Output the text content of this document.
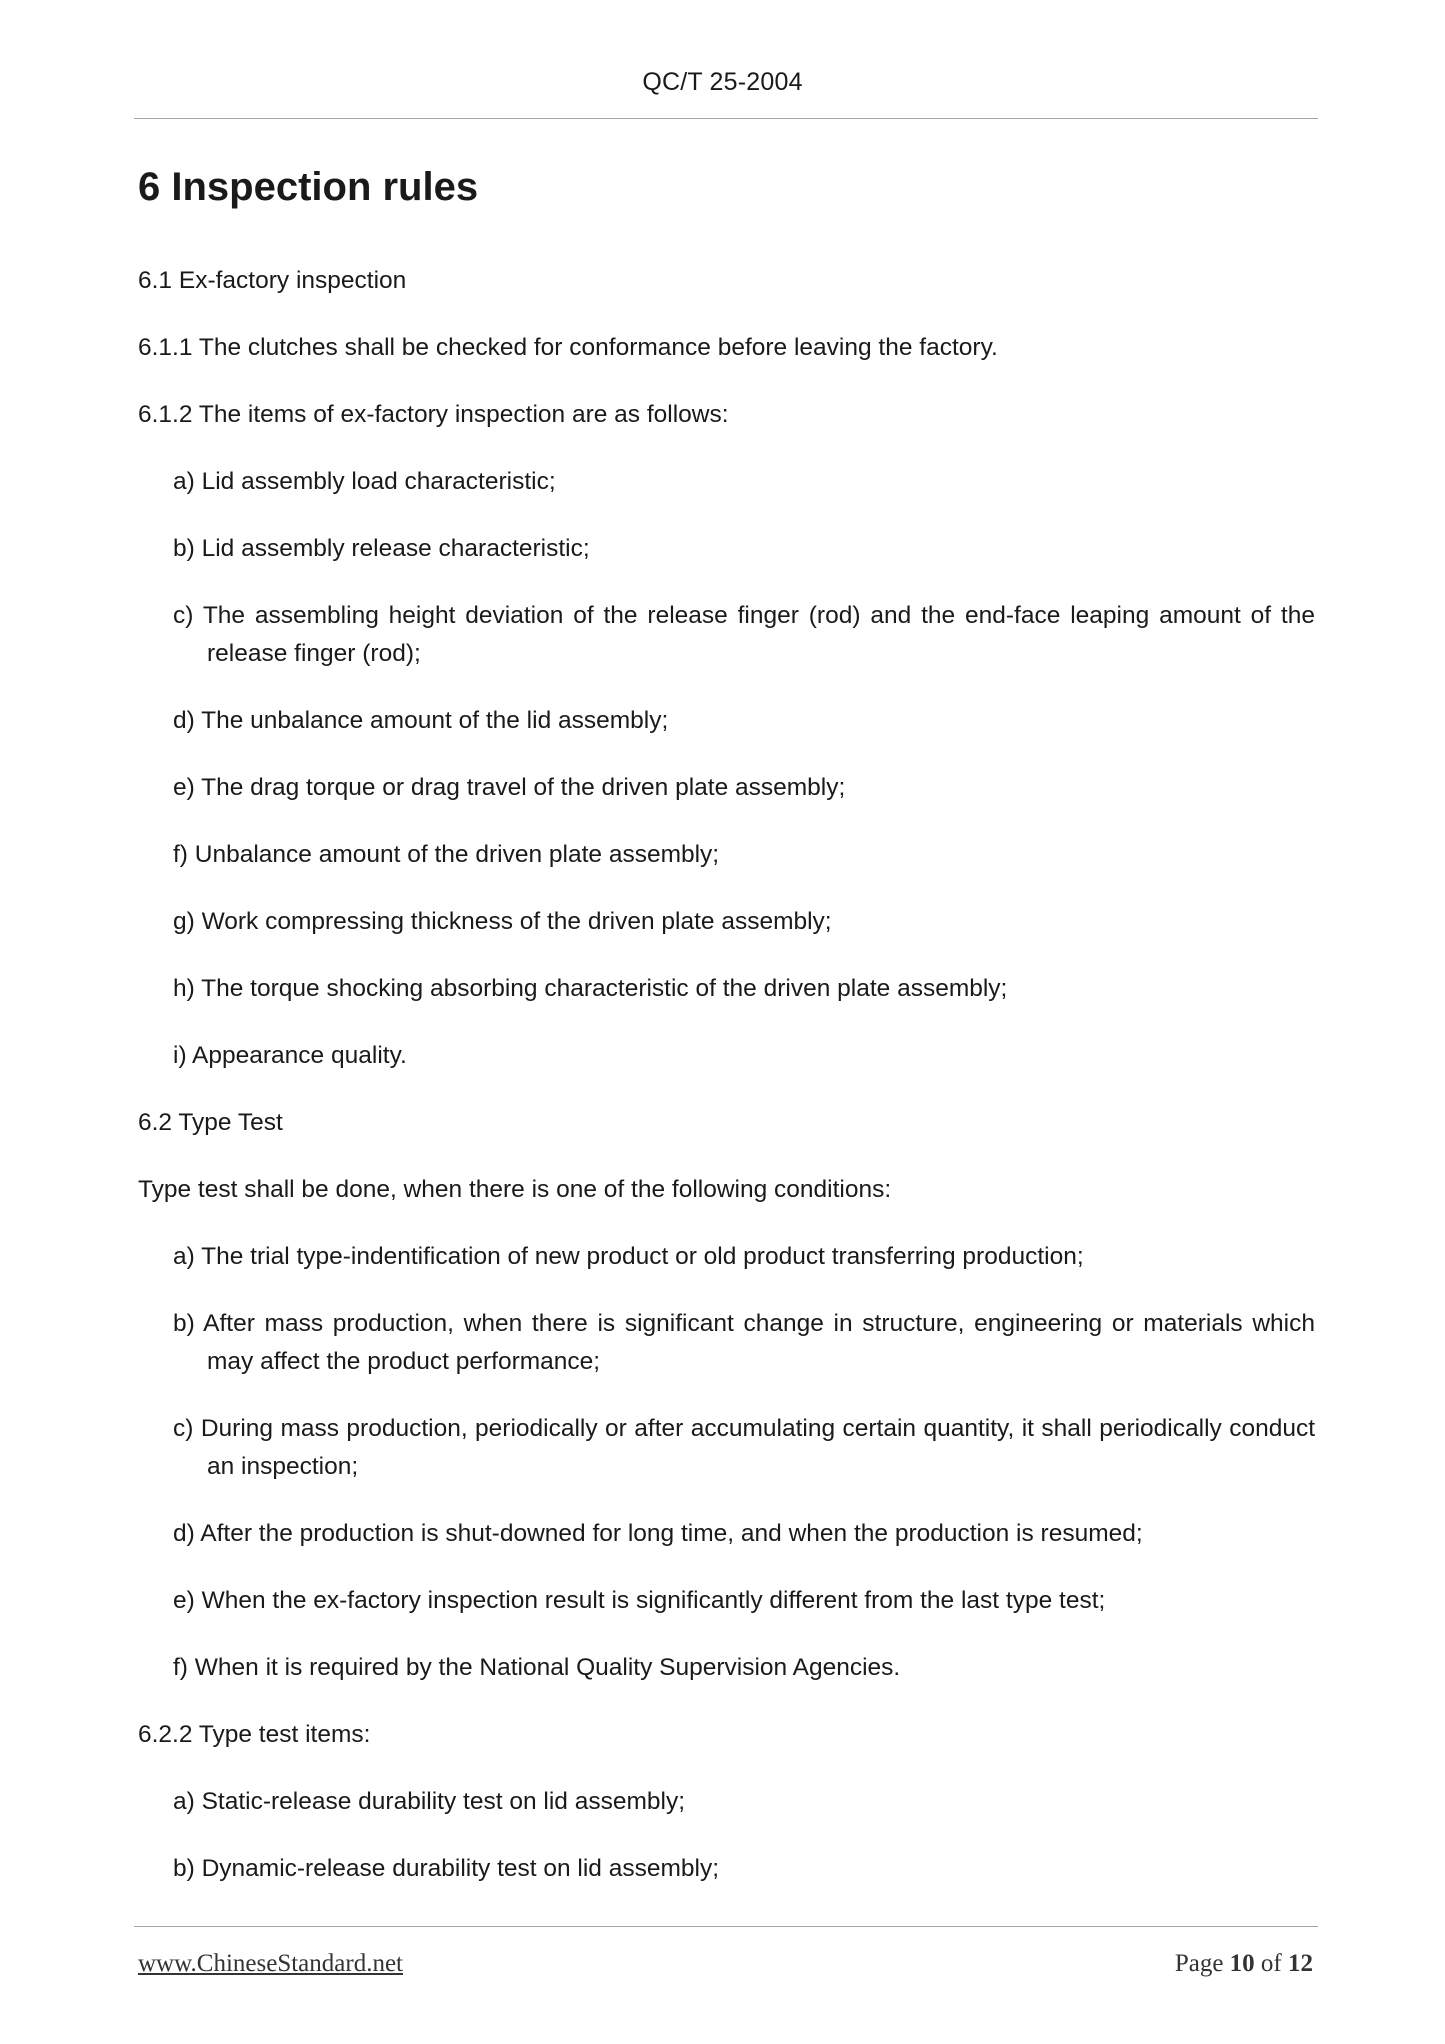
QC/T 25-2004
6 Inspection rules

6.1 Ex-factory inspection

6.1.1 The clutches shall be checked for conformance before leaving the factory.

6.1.2 The items of ex-factory inspection are as follows:

a) Lid assembly load characteristic;

b) Lid assembly release characteristic;

c) The assembling height deviation of the release finger (rod) and the end-face leaping amount of the release finger (rod);

d) The unbalance amount of the lid assembly;

e) The drag torque or drag travel of the driven plate assembly;

f) Unbalance amount of the driven plate assembly;

g) Work compressing thickness of the driven plate assembly;

h) The torque shocking absorbing characteristic of the driven plate assembly;

i) Appearance quality.

6.2 Type Test

Type test shall be done, when there is one of the following conditions:

a) The trial type-indentification of new product or old product transferring production;

b) After mass production, when there is significant change in structure, engineering or materials which may affect the product performance;

c) During mass production, periodically or after accumulating certain quantity, it shall periodically conduct an inspection;

d) After the production is shut-downed for long time, and when the production is resumed;

e) When the ex-factory inspection result is significantly different from the last type test;

f) When it is required by the National Quality Supervision Agencies.

6.2.2 Type test items:

a) Static-release durability test on lid assembly;

b) Dynamic-release durability test on lid assembly;

www.ChineseStandard.net	Page 10 of 12
